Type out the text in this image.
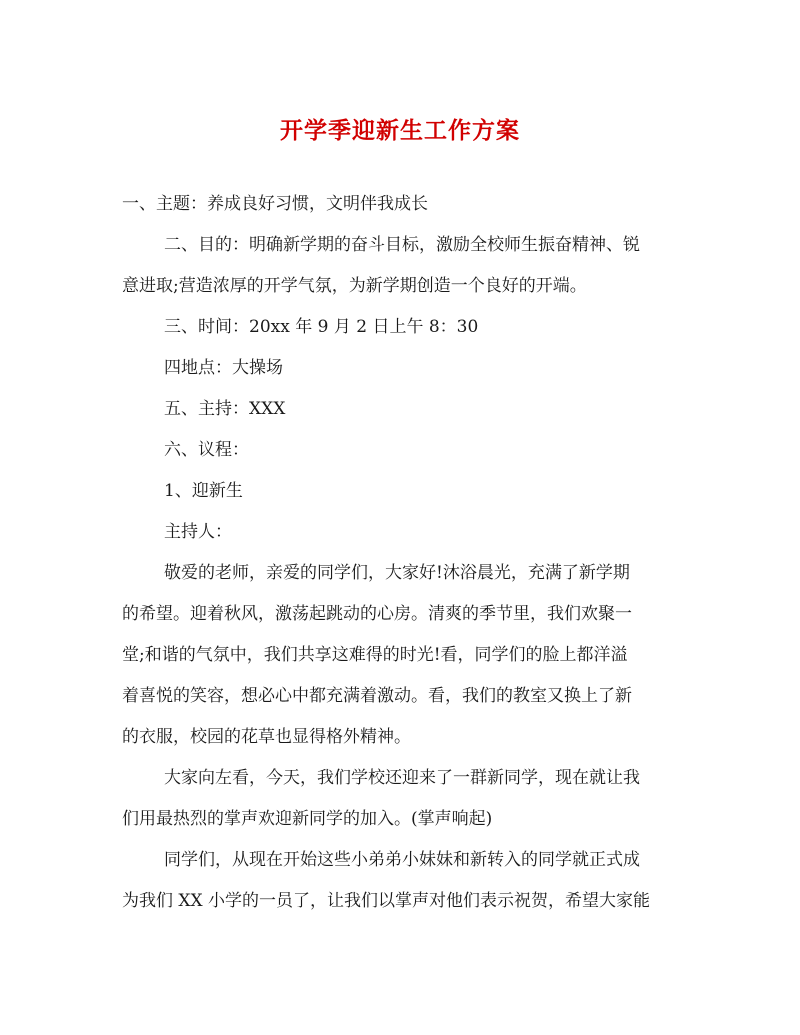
开学季迎新生工作方案

一、主题：养成良好习惯，文明伴我成长

二、目的：明确新学期的奋斗目标，激励全校师生振奋精神、锐
意进取;营造浓厚的开学气氛，为新学期创造一个良好的开端。

三、时间：20xx 年 9 月 2 日上午 8：30

四地点：大操场

五、主持：XXX

六、议程：

1、迎新生

主持人：

敬爱的老师，亲爱的同学们，大家好!沐浴晨光，充满了新学期
的希望。迎着秋风，激荡起跳动的心房。清爽的季节里，我们欢聚一
堂;和谐的气氛中，我们共享这难得的时光!看，同学们的脸上都洋溢
着喜悦的笑容，想必心中都充满着激动。看，我们的教室又换上了新
的衣服，校园的花草也显得格外精神。

大家向左看，今天，我们学校还迎来了一群新同学，现在就让我
们用最热烈的掌声欢迎新同学的加入。(掌声响起)

同学们，从现在开始这些小弟弟小妹妹和新转入的同学就正式成
为我们 XX 小学的一员了，让我们以掌声对他们表示祝贺，希望大家能
